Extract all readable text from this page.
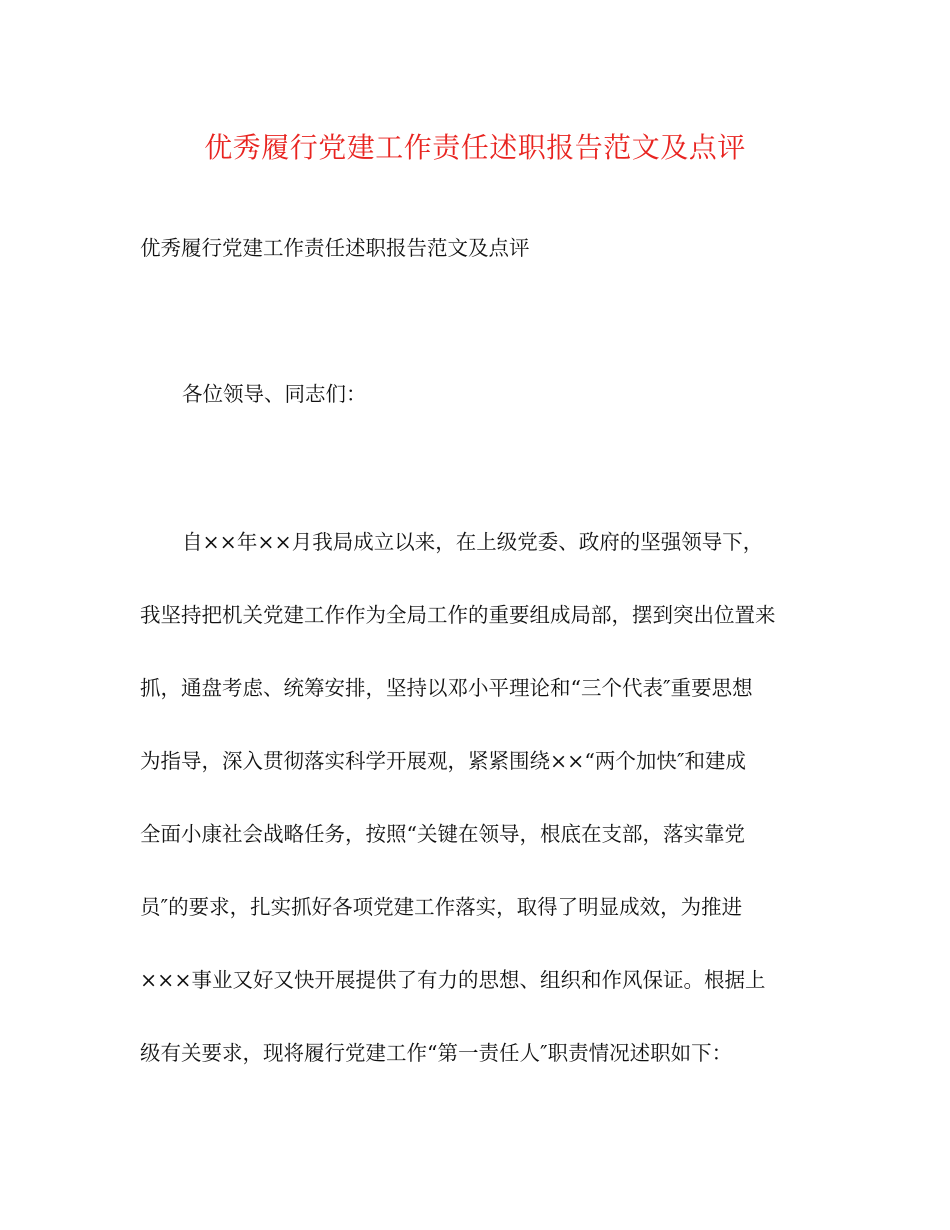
优秀履行党建工作责任述职报告范文及点评

优秀履行党建工作责任述职报告范文及点评

各位领导、同志们：

自××年××月我局成立以来，在上级党委、政府的坚强领导下，

我坚持把机关党建工作作为全局工作的重要组成局部，摆到突出位置来

抓，通盘考虑、统筹安排，坚持以邓小平理论和“三个代表″重要思想

为指导，深入贯彻落实科学开展观，紧紧围绕××“两个加快″和建成

全面小康社会战略任务，按照“关键在领导，根底在支部，落实靠党

员″的要求，扎实抓好各项党建工作落实，取得了明显成效，为推进

×××事业又好又快开展提供了有力的思想、组织和作风保证。根据上

级有关要求，现将履行党建工作“第一责任人″职责情况述职如下：
